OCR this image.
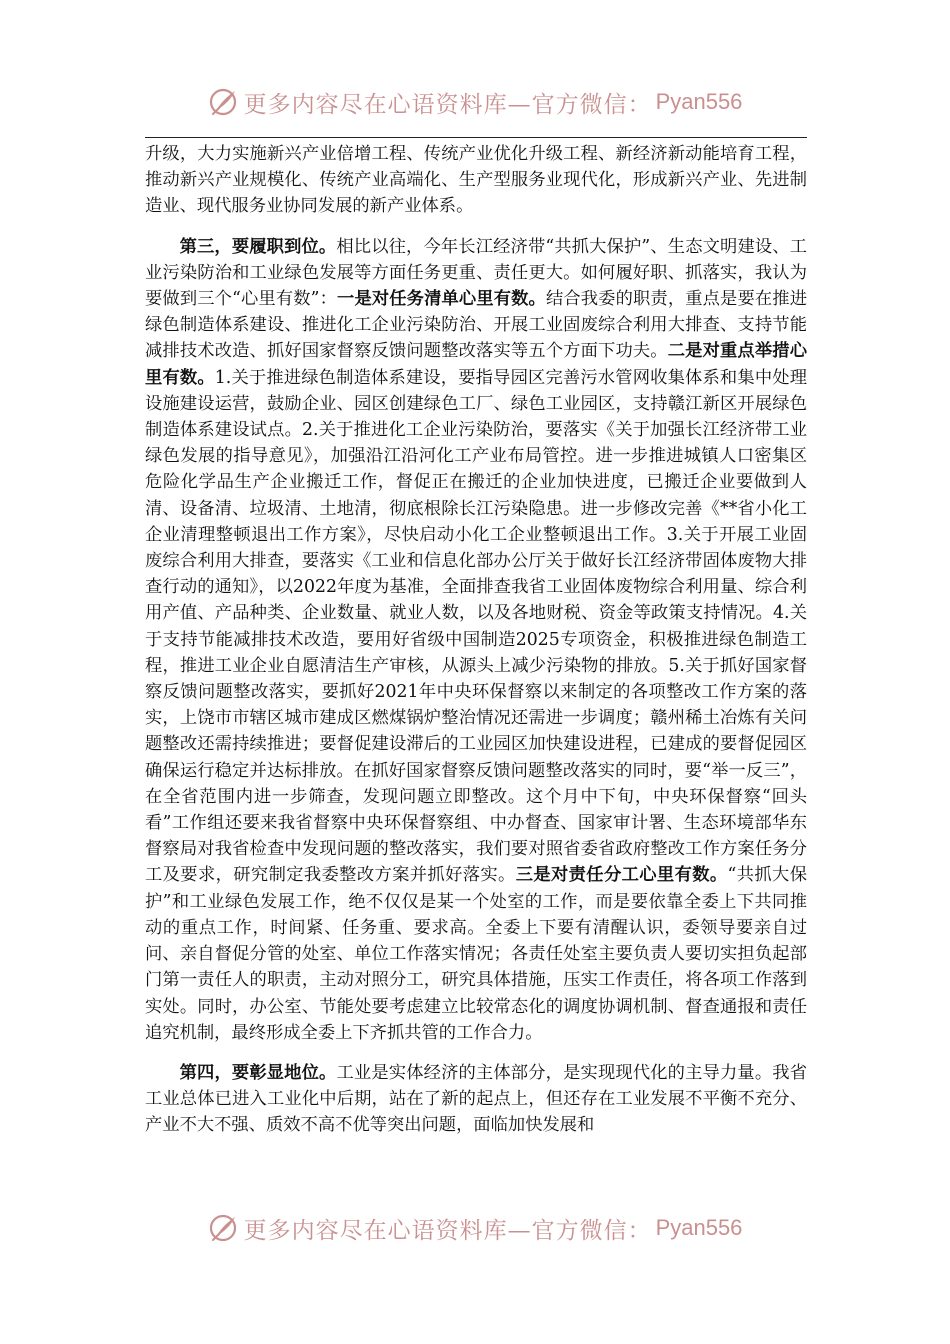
更多内容尽在心语资料库—官方微信： Pyan556

升级，大力实施新兴产业倍增工程、传统产业优化升级工程、新经济新动能培育工程，推动新兴产业规模化、传统产业高端化、生产型服务业现代化，形成新兴产业、先进制造业、现代服务业协同发展的新产业体系。

第三，要履职到位。相比以往，今年长江经济带“共抓大保护”、生态文明建设、工业污染防治和工业绿色发展等方面任务更重、责任更大。如何履好职、抓落实，我认为要做到三个“心里有数”：一是对任务清单心里有数。结合我委的职责，重点是要在推进绿色制造体系建设、推进化工企业污染防治、开展工业固废综合利用大排查、支持节能减排技术改造、抓好国家督察反馈问题整改落实等五个方面下功夫。二是对重点举措心里有数。1.关于推进绿色制造体系建设，要指导园区完善污水管网收集体系和集中处理设施建设运营，鼓励企业、园区创建绿色工厂、绿色工业园区，支持赣江新区开展绿色制造体系建设试点。2.关于推进化工企业污染防治，要落实《关于加强长江经济带工业绿色发展的指导意见》，加强沿江沿河化工产业布局管控。进一步推进城镇人口密集区危险化学品生产企业搬迁工作，督促正在搬迁的企业加快进度，已搬迁企业要做到人清、设备清、垃圾清、土地清，彻底根除长江污染隐患。进一步修改完善《**省小化工企业清理整顿退出工作方案》，尽快启动小化工企业整顿退出工作。3.关于开展工业固废综合利用大排查，要落实《工业和信息化部办公厅关于做好长江经济带固体废物大排查行动的通知》，以2022年度为基准，全面排查我省工业固体废物综合利用量、综合利用产值、产品种类、企业数量、就业人数，以及各地财税、资金等政策支持情况。4.关于支持节能减排技术改造，要用好省级中国制造2025专项资金，积极推进绿色制造工程，推进工业企业自愿清洁生产审核，从源头上减少污染物的排放。5.关于抓好国家督察反馈问题整改落实，要抓好2021年中央环保督察以来制定的各项整改工作方案的落实，上饶市市辖区城市建成区燃煤锅炉整治情况还需进一步调度；赣州稀土冶炼有关问题整改还需持续推进；要督促建设滞后的工业园区加快建设进程，已建成的要督促园区确保运行稳定并达标排放。在抓好国家督察反馈问题整改落实的同时，要“举一反三”，在全省范围内进一步筛查，发现问题立即整改。这个月中下旬，中央环保督察“回头看”工作组还要来我省督察中央环保督察组、中办督查、国家审计署、生态环境部华东督察局对我省检查中发现问题的整改落实，我们要对照省委省政府整改工作方案任务分工及要求，研究制定我委整改方案并抓好落实。三是对责任分工心里有数。“共抓大保护”和工业绿色发展工作，绝不仅仅是某一个处室的工作，而是要依靠全委上下共同推动的重点工作，时间紧、任务重、要求高。全委上下要有清醒认识，委领导要亲自过问、亲自督促分管的处室、单位工作落实情况；各责任处室主要负责人要切实担负起部门第一责任人的职责，主动对照分工，研究具体措施，压实工作责任，将各项工作落到实处。同时，办公室、节能处要考虑建立比较常态化的调度协调机制、督查通报和责任追究机制，最终形成全委上下齐抓共管的工作合力。

第四，要彰显地位。工业是实体经济的主体部分，是实现现代化的主导力量。我省工业总体已进入工业化中后期，站在了新的起点上，但还存在工业发展不平衡不充分、产业不大不强、质效不高不优等突出问题，面临加快发展和

更多内容尽在心语资料库—官方微信： Pyan556
